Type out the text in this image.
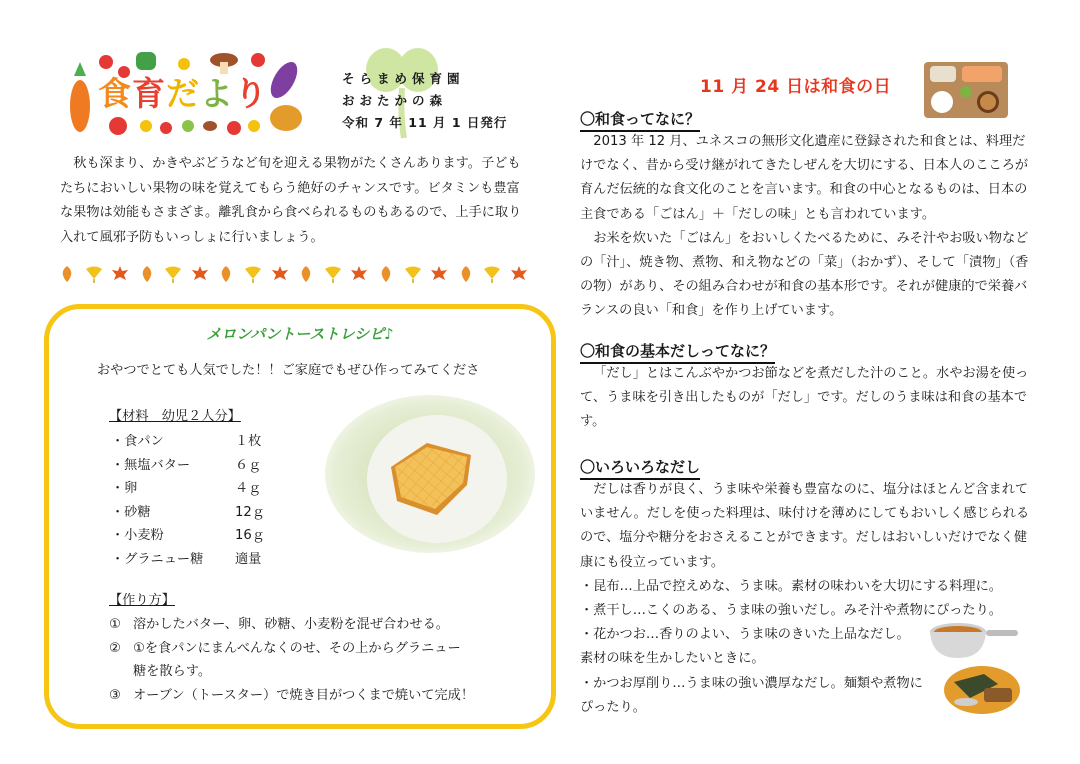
食育だより	そらまめ保育園
おおたかの森
令和 7 年 11 月 1 日発行

秋も深まり、かきやぶどうなど旬を迎える果物がたくさんあります。子どもたちにおいしい果物の味を覚えてもらう絶好のチャンスです。ビタミンも豊富な果物は効能もさまざま。離乳食から食べられるものもあるので、上手に取り入れて風邪予防もいっしょに行いましょう。

メロンパントーストレシピ♪
おやつでとても人気でした！！ご家庭でもぜひ作ってみてくださ
【材料　幼児２人分】
・食パン	１枚
・無塩バター	６ｇ
・卵	４ｇ
・砂糖	12ｇ
・小麦粉	16ｇ
・グラニュー糖	適量
【作り方】
① 溶かしたバター、卵、砂糖、小麦粉を混ぜ合わせる。
② ①を食パンにまんべんなくのせ、その上からグラニュー糖を散らす。
③ オーブン（トースター）で焼き目がつくまで焼いて完成！
11 月 24 日は和食の日
〇和食ってなに？

2013 年 12 月、ユネスコの無形文化遺産に登録された和食とは、料理だけでなく、昔から受け継がれてきたしぜんを大切にする、日本人のこころが育んだ伝統的な食文化のことを言います。和食の中心となるものは、日本の主食である「ごはん」＋「だしの味」とも言われています。

お米を炊いた「ごはん」をおいしくたべるために、みそ汁やお吸い物などの「汁」、焼き物、煮物、和え物などの「菜」（おかず）、そして「漬物」（香の物）があり、その組み合わせが和食の基本形です。それが健康的で栄養バランスの良い「和食」を作り上げています。

〇和食の基本だしってなに？

「だし」とはこんぶやかつお節などを煮だした汁のこと。水やお湯を使って、うま味を引き出したものが「だし」です。だしのうま味は和食の基本です。

〇いろいろなだし

だしは香りが良く、うま味や栄養も豊富なのに、塩分はほとんど含まれていません。だしを使った料理は、味付けを薄めにしてもおいしく感じられるので、塩分や糖分をおさえることができます。だしはおいしいだけでなく健康にも役立っています。

・昆布…上品で控えめな、うま味。素材の味わいを大切にする料理に。

・煮干し…こくのある、うま味の強いだし。みそ汁や煮物にぴったり。

・花かつお…香りのよい、うま味のきいた上品なだし。

素材の味を生かしたいときに。

・かつお厚削り…うま味の強い濃厚なだし。麺類や煮物に

ぴったり。
